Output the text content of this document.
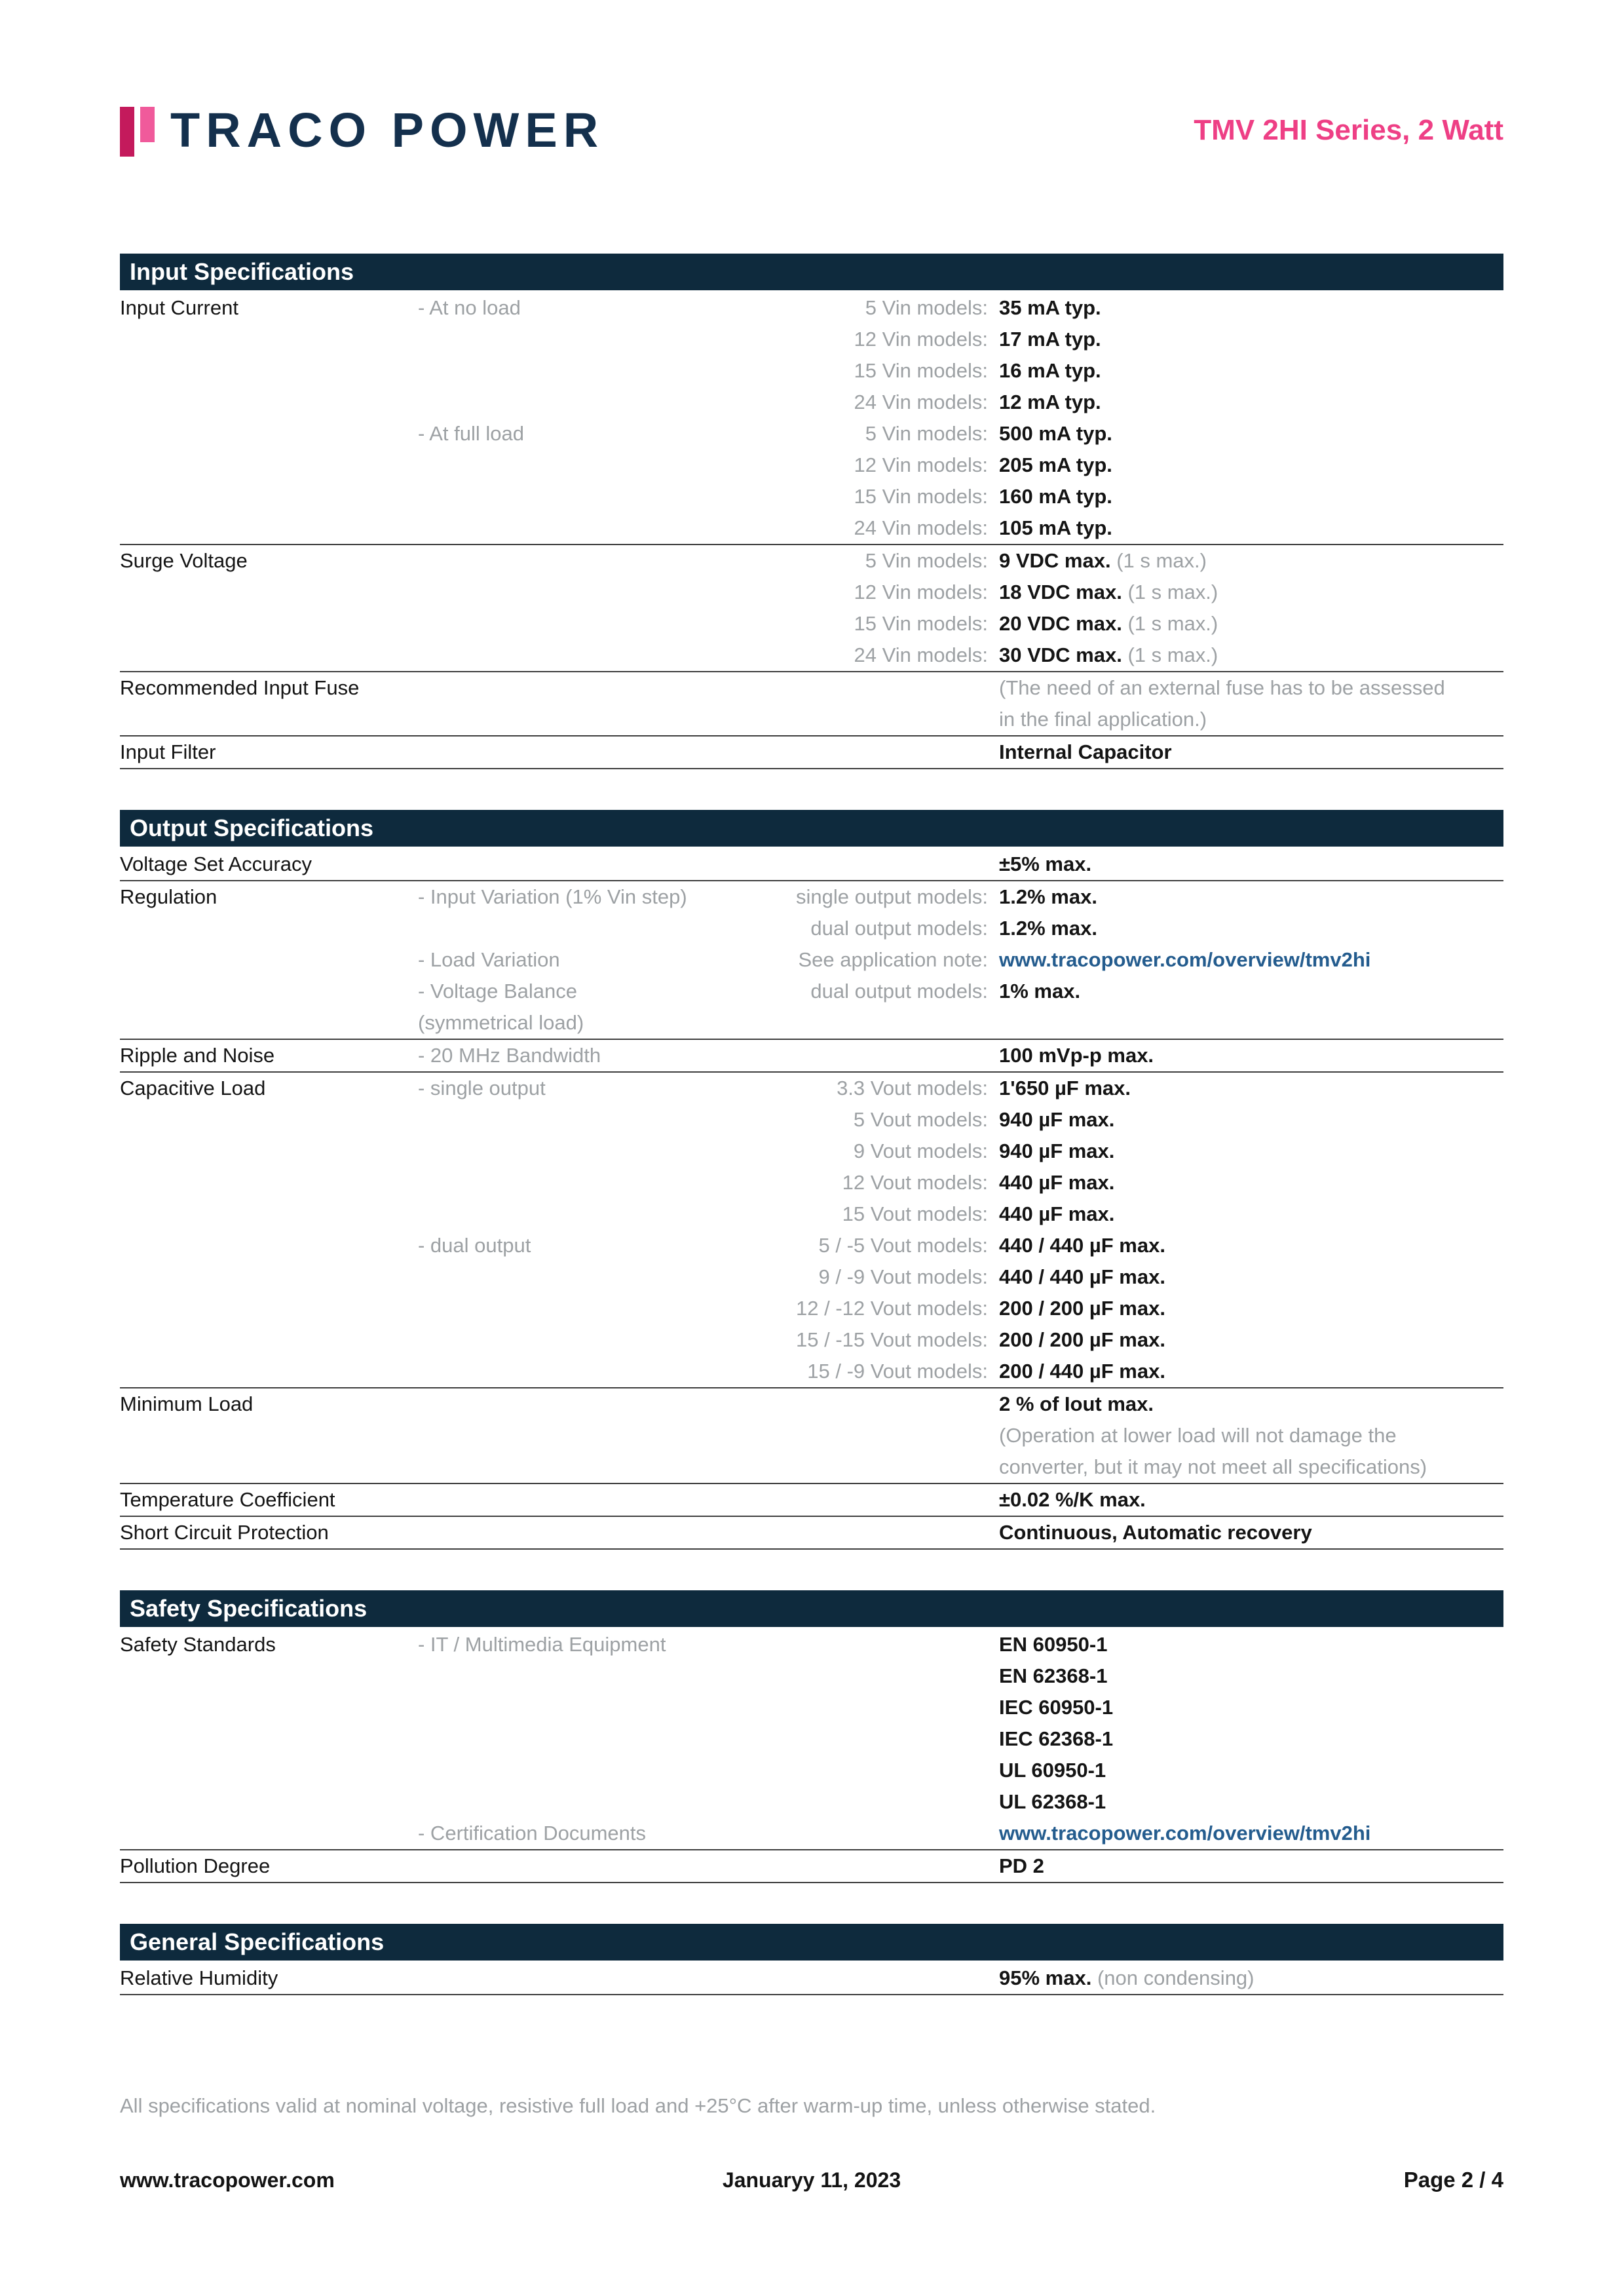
TRACO POWER	TMV 2HI Series, 2 Watt
Input Specifications
Input Current	- At no load	5 Vin models: 35 mA typ.
12 Vin models: 17 mA typ.
15 Vin models: 16 mA typ.
24 Vin models: 12 mA typ.
- At full load	5 Vin models: 500 mA typ.
12 Vin models: 205 mA typ.
15 Vin models: 160 mA typ.
24 Vin models: 105 mA typ.
Surge Voltage	5 Vin models: 9 VDC max. (1 s max.)
12 Vin models: 18 VDC max. (1 s max.)
15 Vin models: 20 VDC max. (1 s max.)
24 Vin models: 30 VDC max. (1 s max.)
Recommended Input Fuse	(The need of an external fuse has to be assessed
in the final application.)
Input Filter	Internal Capacitor
Output Specifications
Voltage Set Accuracy	±5% max.
Regulation	- Input Variation (1% Vin step)	single output models: 1.2% max.
dual output models: 1.2% max.
- Load Variation	See application note: www.tracopower.com/overview/tmv2hi
- Voltage Balance	dual output models: 1% max.
(symmetrical load)
Ripple and Noise	- 20 MHz Bandwidth	100 mVp-p max.
Capacitive Load	- single output	3.3 Vout models: 1'650 µF max.
5 Vout models: 940 µF max.
9 Vout models: 940 µF max.
12 Vout models: 440 µF max.
15 Vout models: 440 µF max.
- dual output	5 / -5 Vout models: 440 / 440 µF max.
9 / -9 Vout models: 440 / 440 µF max.
12 / -12 Vout models: 200 / 200 µF max.
15 / -15 Vout models: 200 / 200 µF max.
15 / -9 Vout models: 200 / 440 µF max.
Minimum Load	2 % of Iout max.
(Operation at lower load will not damage the
converter, but it may not meet all specifications)
Temperature Coefficient	±0.02 %/K max.
Short Circuit Protection	Continuous, Automatic recovery
Safety Specifications
Safety Standards	- IT / Multimedia Equipment	EN 60950-1
EN 62368-1
IEC 60950-1
IEC 62368-1
UL 60950-1
UL 62368-1
- Certification Documents	www.tracopower.com/overview/tmv2hi
Pollution Degree	PD 2
General Specifications
Relative Humidity	95% max. (non condensing)
All specifications valid at nominal voltage, resistive full load and +25°C after warm-up time, unless otherwise stated.
www.tracopower.com	Januaryy 11, 2023	Page 2 / 4
